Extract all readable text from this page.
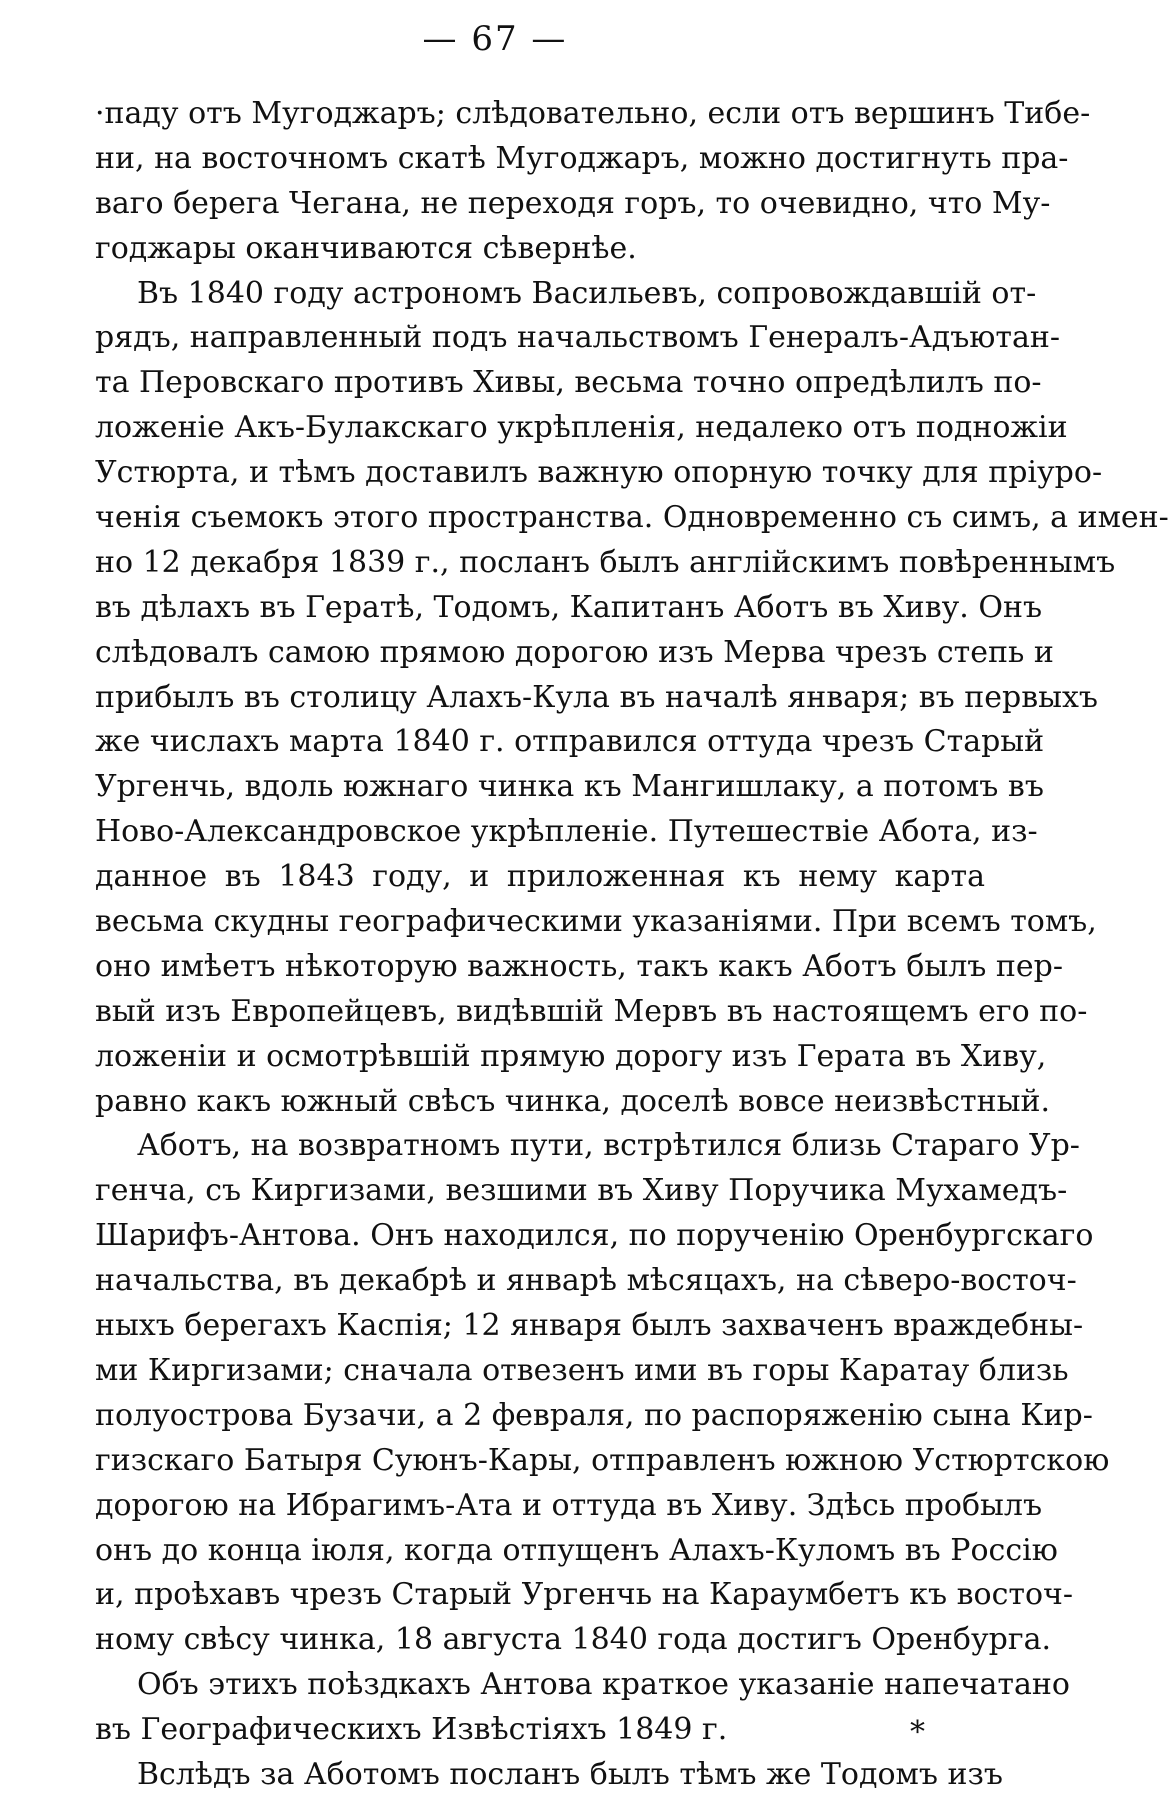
— 67 —
·паду отъ Мугоджаръ; слѣдовательно, если отъ вершинъ Тибе-
ни, на восточномъ скатѣ Мугоджаръ, можно достигнуть пра-
ваго берега Чегана, не переходя горъ, то очевидно, что Му-
годжары оканчиваются сѣвернѣе.
Въ 1840 году астрономъ Васильевъ, сопровождавшій от-
рядъ, направленный подъ начальствомъ Генералъ-Адъютан-
та Перовскаго противъ Хивы, весьма точно опредѣлилъ по-
ложеніе Акъ-Булакскаго укрѣпленія, недалеко отъ подножіи
Устюрта, и тѣмъ доставилъ важную опорную точку для пріуро-
ченія съемокъ этого пространства. Одновременно съ симъ, а имен-
но 12 декабря 1839 г., посланъ былъ англійскимъ повѣреннымъ
въ дѣлахъ въ Гератѣ, Тодомъ, Капитанъ Аботъ въ Хиву. Онъ
слѣдовалъ самою прямою дорогою изъ Мерва чрезъ степь и
прибылъ въ столицу Алахъ-Кула въ началѣ января; въ первыхъ
же числахъ марта 1840 г. отправился оттуда чрезъ Старый
Ургенчь, вдоль южнаго чинка къ Мангишлаку, а потомъ въ
Ново-Александровское укрѣпленіе. Путешествіе Абота, из-
данное въ 1843 году, и приложенная къ нему карта
весьма скудны географическими указаніями. При всемъ томъ,
оно имѣетъ нѣкоторую важность, такъ какъ Аботъ былъ пер-
вый изъ Европейцевъ, видѣвшій Мервъ въ настоящемъ его по-
ложеніи и осмотрѣвшій прямую дорогу изъ Герата въ Хиву,
равно какъ южный свѣсъ чинка, доселѣ вовсе неизвѣстный.
Аботъ, на возвратномъ пути, встрѣтился близь Стараго Ур-
генча, съ Киргизами, везшими въ Хиву Поручика Мухамедъ-
Шарифъ-Антова. Онъ находился, по порученію Оренбургскаго
начальства, въ декабрѣ и январѣ мѣсяцахъ, на сѣверо-восточ-
ныхъ берегахъ Каспія; 12 января былъ захваченъ враждебны-
ми Киргизами; сначала отвезенъ ими въ горы Каратау близь
полуострова Бузачи, а 2 февраля, по распоряженію сына Кир-
гизскаго Батыря Суюнъ-Кары, отправленъ южною Устюртскою
дорогою на Ибрагимъ-Ата и оттуда въ Хиву. Здѣсь пробылъ
онъ до конца іюля, когда отпущенъ Алахъ-Куломъ въ Россію
и, проѣхавъ чрезъ Старый Ургенчь на Караумбетъ къ восточ-
ному свѣсу чинка, 18 августа 1840 года достигъ Оренбурга.
Объ этихъ поѣздкахъ Антова краткое указаніе напечатано
въ Географическихъ Извѣстіяхъ 1849 г.
Вслѣдъ за Аботомъ посланъ былъ тѣмъ же Тодомъ изъ
*
